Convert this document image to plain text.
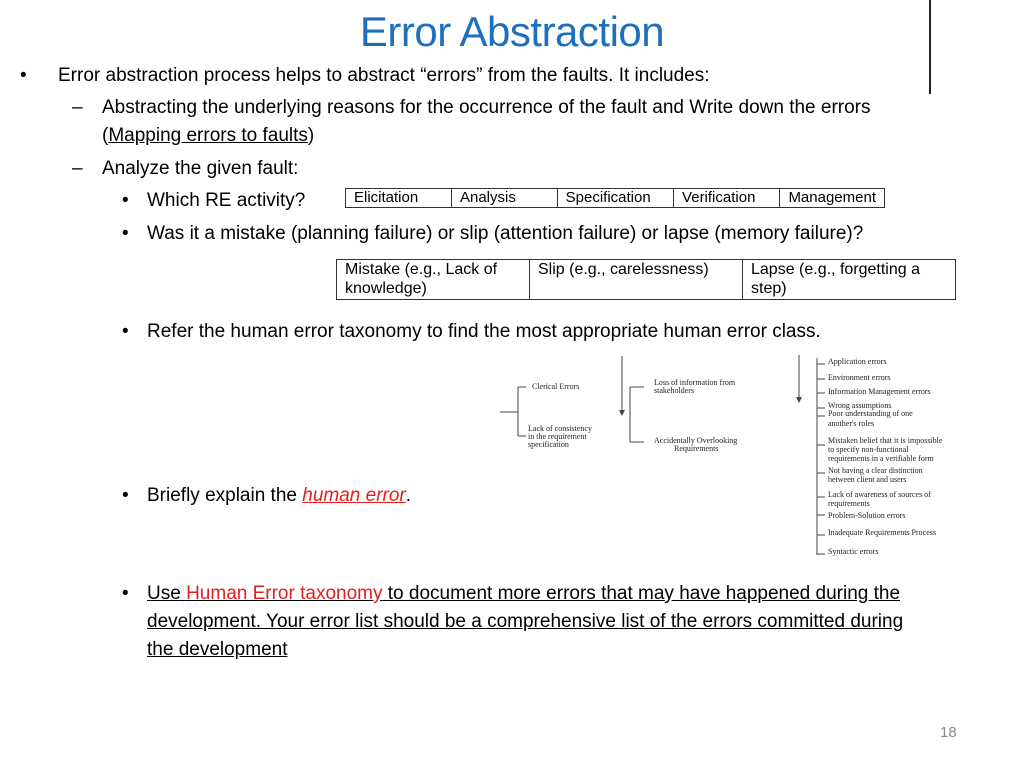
Error Abstraction
• Error abstraction process helps to abstract “errors” from the faults. It includes:
– Abstracting the underlying reasons for the occurrence of the fault and Write down the errors
(Mapping errors to faults)
– Analyze the given fault:
• Which RE activity?	Elicitation	Analysis	Specification	Verification	Management
• Was it a mistake (planning failure) or slip (attention failure) or lapse (memory failure)?
Mistake (e.g., Lack of
knowledge)	Slip (e.g., carelessness)	Lapse (e.g., forgetting a
step)
• Refer the human error taxonomy to find the most appropriate human error class.
Clerical Errors
Lack of consistency
in the requirement
specification
Loss of information from
stakeholders
Accidentally Overlooking
Requirements
Application errors
Environment errors
Information Management errors
Wrong assumptions
Poor understanding of one
another's roles
Mistaken belief that it is impossible
to specify non-functional
requirements in a verifiable form
Not having a clear distinction
between client and users
Lack of awareness of sources of
requirements
Problem-Solution errors
Inadequate Requirements Process
Syntactic errors
• Briefly explain the human error.
• Use Human Error taxonomy to document more errors that may have happened during the
development. Your error list should be a comprehensive list of the errors committed during
the development
18
